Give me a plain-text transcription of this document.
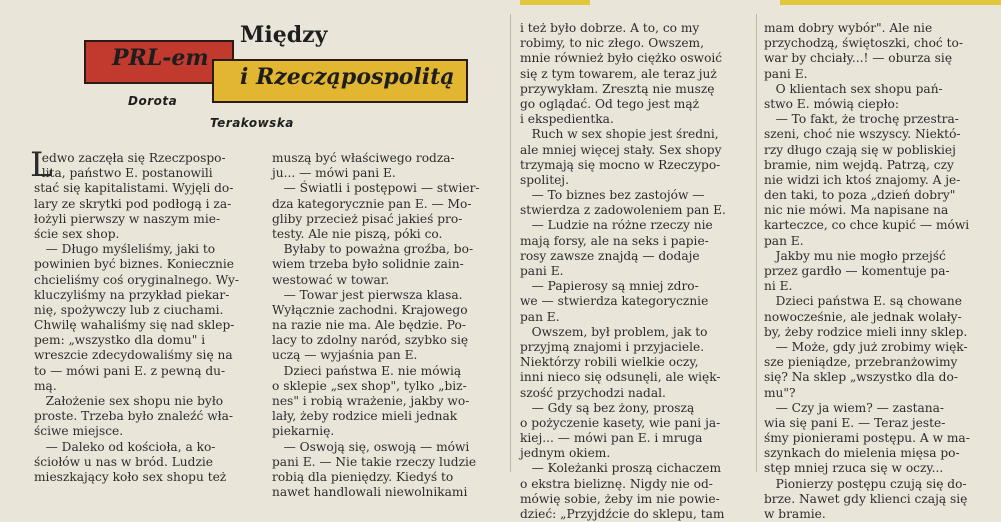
Między
PRL-em
i Rzecząpospolitą
Dorota
Terakowska
L
edwo zaczęła się Rzeczpospo-
lita, państwo E. postanowili
stać się kapitalistami. Wyjęli do-
lary ze skrytki pod podłogą i za-
łożyli pierwszy w naszym mie-
ście sex shop.
— Długo myśleliśmy, jaki to
powinien być biznes. Koniecznie
chcieliśmy coś oryginalnego. Wy-
kluczyliśmy na przykład piekar-
nię, spożywczy lub z ciuchami.
Chwilę wahaliśmy się nad sklep-
pem: „wszystko dla domu" i
wreszcie zdecydowaliśmy się na
to — mówi pani E. z pewną du-
mą.
Założenie sex shopu nie było
proste. Trzeba było znaleźć wła-
ściwe miejsce.
— Daleko od kościoła, a ko-
ściołów u nas w bród. Ludzie
mieszkający koło sex shopu też
muszą być właściwego rodza-
ju... — mówi pani E.
— Światli i postępowi — stwier-
dza kategorycznie pan E. — Mo-
gliby przecież pisać jakieś pro-
testy. Ale nie piszą, póki co.
Byłaby to poważna groźba, bo-
wiem trzeba było solidnie zain-
westować w towar.
— Towar jest pierwsza klasa.
Wyłącznie zachodni. Krajowego
na razie nie ma. Ale będzie. Po-
lacy to zdolny naród, szybko się
uczą — wyjaśnia pan E.
Dzieci państwa E. nie mówią
o sklepie „sex shop", tylko „biz-
nes" i robią wrażenie, jakby wo-
lały, żeby rodzice mieli jednak
piekarnię.
— Oswoją się, oswoją — mówi
pani E. — Nie takie rzeczy ludzie
robią dla pieniędzy. Kiedyś to
nawet handlowali niewolnikami
i też było dobrze. A to, co my
robimy, to nic złego. Owszem,
mnie również było ciężko oswoić
się z tym towarem, ale teraz już
przywykłam. Zresztą nie muszę
go oglądać. Od tego jest mąż
i ekspedientka.
Ruch w sex shopie jest średni,
ale mniej więcej stały. Sex shopy
trzymają się mocno w Rzeczypo-
spolitej.
— To biznes bez zastojów —
stwierdza z zadowoleniem pan E.
— Ludzie na różne rzeczy nie
mają forsy, ale na seks i papie-
rosy zawsze znajdą — dodaje
pani E.
— Papierosy są mniej zdro-
we — stwierdza kategorycznie
pan E.
Owszem, był problem, jak to
przyjmą znajomi i przyjaciele.
Niektórzy robili wielkie oczy,
inni nieco się odsunęli, ale więk-
szość przychodzi nadal.
— Gdy są bez żony, proszą
o pożyczenie kasety, wie pani ja-
kiej... — mówi pan E. i mruga
jednym okiem.
— Koleżanki proszą cichaczem
o ekstra bieliznę. Nigdy nie od-
mówię sobie, żeby im nie powie-
dzieć: „Przyjdźcie do sklepu, tam
mam dobry wybór". Ale nie
przychodzą, świętoszki, choć to-
war by chciały...! — oburza się
pani E.
O klientach sex shopu pań-
stwo E. mówią ciepło:
— To fakt, że trochę przestra-
szeni, choć nie wszyscy. Niektó-
rzy długo czają się w pobliskiej
bramie, nim wejdą. Patrzą, czy
nie widzi ich ktoś znajomy. A je-
den taki, to poza „dzień dobry"
nic nie mówi. Ma napisane na
karteczce, co chce kupić — mówi
pan E.
Jakby mu nie mogło przejść
przez gardło — komentuje pa-
ni E.
Dzieci państwa E. są chowane
nowocześnie, ale jednak wolały-
by, żeby rodzice mieli inny sklep.
— Może, gdy już zrobimy więk-
sze pieniądze, przebranżowimy
się? Na sklep „wszystko dla do-
mu"?
— Czy ja wiem? — zastana-
wia się pani E. — Teraz jeste-
śmy pionierami postępu. A w ma-
szynkach do mielenia mięsa po-
stęp mniej rzuca się w oczy...
Pionierzy postępu czują się do-
brze. Nawet gdy klienci czają się
w bramie.
